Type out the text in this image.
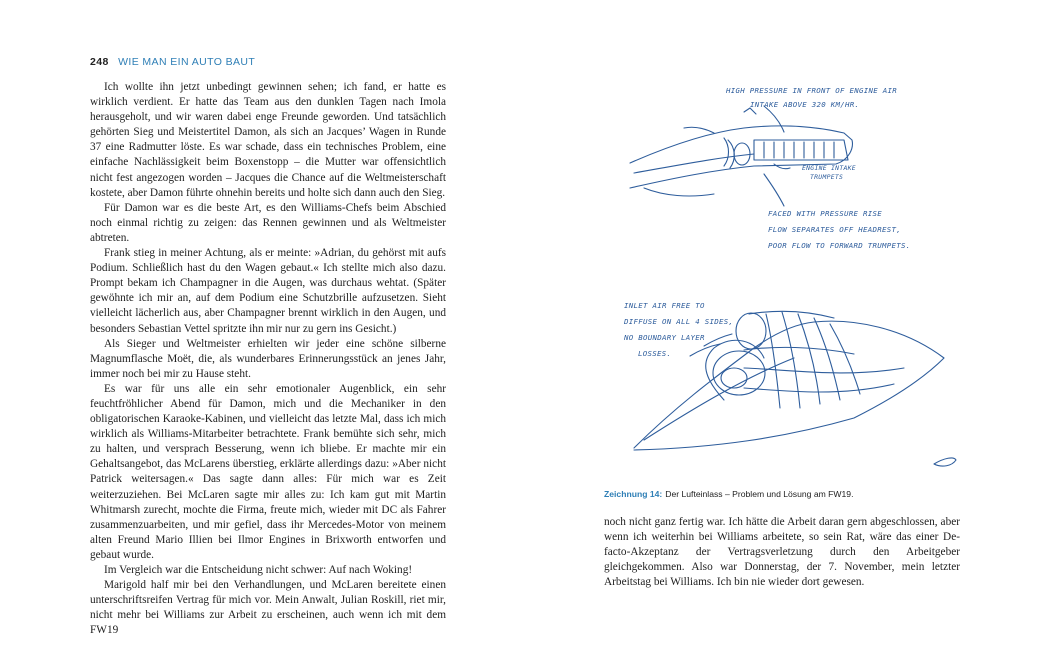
248 WIE MAN EIN AUTO BAUT

Ich wollte ihn jetzt unbedingt gewinnen sehen; ich fand, er hatte es wirklich verdient. Er hatte das Team aus den dunklen Tagen nach Imola herausgeholt, und wir waren dabei enge Freunde geworden. Und tatsächlich gehörten Sieg und Meistertitel Damon, als sich an Jacques’ Wagen in Runde 37 eine Radmutter löste. Es war schade, dass ein technisches Problem, eine einfache Nachlässigkeit beim Boxenstopp – die Mutter war offensichtlich nicht fest angezogen worden – Jacques die Chance auf die Weltmeisterschaft kostete, aber Damon führte ohnehin bereits und holte sich dann auch den Sieg.

Für Damon war es die beste Art, es den Williams-Chefs beim Abschied noch einmal richtig zu zeigen: das Rennen gewinnen und als Weltmeister abtreten.

Frank stieg in meiner Achtung, als er meinte: »Adrian, du gehörst mit aufs Podium. Schließlich hast du den Wagen gebaut.« Ich stellte mich also dazu. Prompt bekam ich Champagner in die Augen, was durchaus wehtat. (Später gewöhnte ich mir an, auf dem Podium eine Schutzbrille aufzusetzen. Sieht vielleicht lächerlich aus, aber Champagner brennt wirklich in den Augen, und besonders Sebastian Vettel spritzte ihn mir nur zu gern ins Gesicht.)

Als Sieger und Weltmeister erhielten wir jeder eine schöne silberne Magnumflasche Moët, die, als wunderbares Erinnerungsstück an jenes Jahr, immer noch bei mir zu Hause steht.

Es war für uns alle ein sehr emotionaler Augenblick, ein sehr feuchtfröhlicher Abend für Damon, mich und die Mechaniker in den obligatorischen Karaoke-Kabinen, und vielleicht das letzte Mal, dass ich mich wirklich als Williams-Mitarbeiter betrachtete. Frank bemühte sich sehr, mich zu halten, und versprach Besserung, wenn ich bliebe. Er machte mir ein Gehaltsangebot, das McLarens überstieg, erklärte allerdings dazu: »Aber nicht Patrick weitersagen.« Das sagte dann alles: Für mich war es Zeit weiterzuziehen. Bei McLaren sagte mir alles zu: Ich kam gut mit Martin Whitmarsh zurecht, mochte die Firma, freute mich, wieder mit DC als Fahrer zusammenzuarbeiten, und mir gefiel, dass ihr Mercedes-Motor von meinem alten Freund Mario Illien bei Ilmor Engines in Brixworth entworfen und gebaut wurde.

Im Vergleich war die Entscheidung nicht schwer: Auf nach Woking!

Marigold half mir bei den Verhandlungen, und McLaren bereitete einen unterschriftsreifen Vertrag für mich vor. Mein Anwalt, Julian Roskill, riet mir, nicht mehr bei Williams zur Arbeit zu erscheinen, auch wenn ich mit dem FW19

HIGH PRESSURE IN FRONT OF ENGINE AIR
INTAKE ABOVE 320 KM/HR.
ENGINE INTAKE
TRUMPETS
FACED WITH PRESSURE RISE
FLOW SEPARATES OFF HEADREST,
POOR FLOW TO FORWARD TRUMPETS.
INLET AIR FREE TO
DIFFUSE ON ALL 4 SIDES,
NO BOUNDARY LAYER
LOSSES.
Zeichnung 14: Der Lufteinlass – Problem und Lösung am FW19.

noch nicht ganz fertig war. Ich hätte die Arbeit daran gern abgeschlossen, aber wenn ich weiterhin bei Williams arbeitete, so sein Rat, wäre das einer De-facto-Akzeptanz der Vertragsverletzung durch den Arbeitgeber gleichgekommen. Also war Donnerstag, der 7. November, mein letzter Arbeitstag bei Williams. Ich bin nie wieder dort gewesen.
